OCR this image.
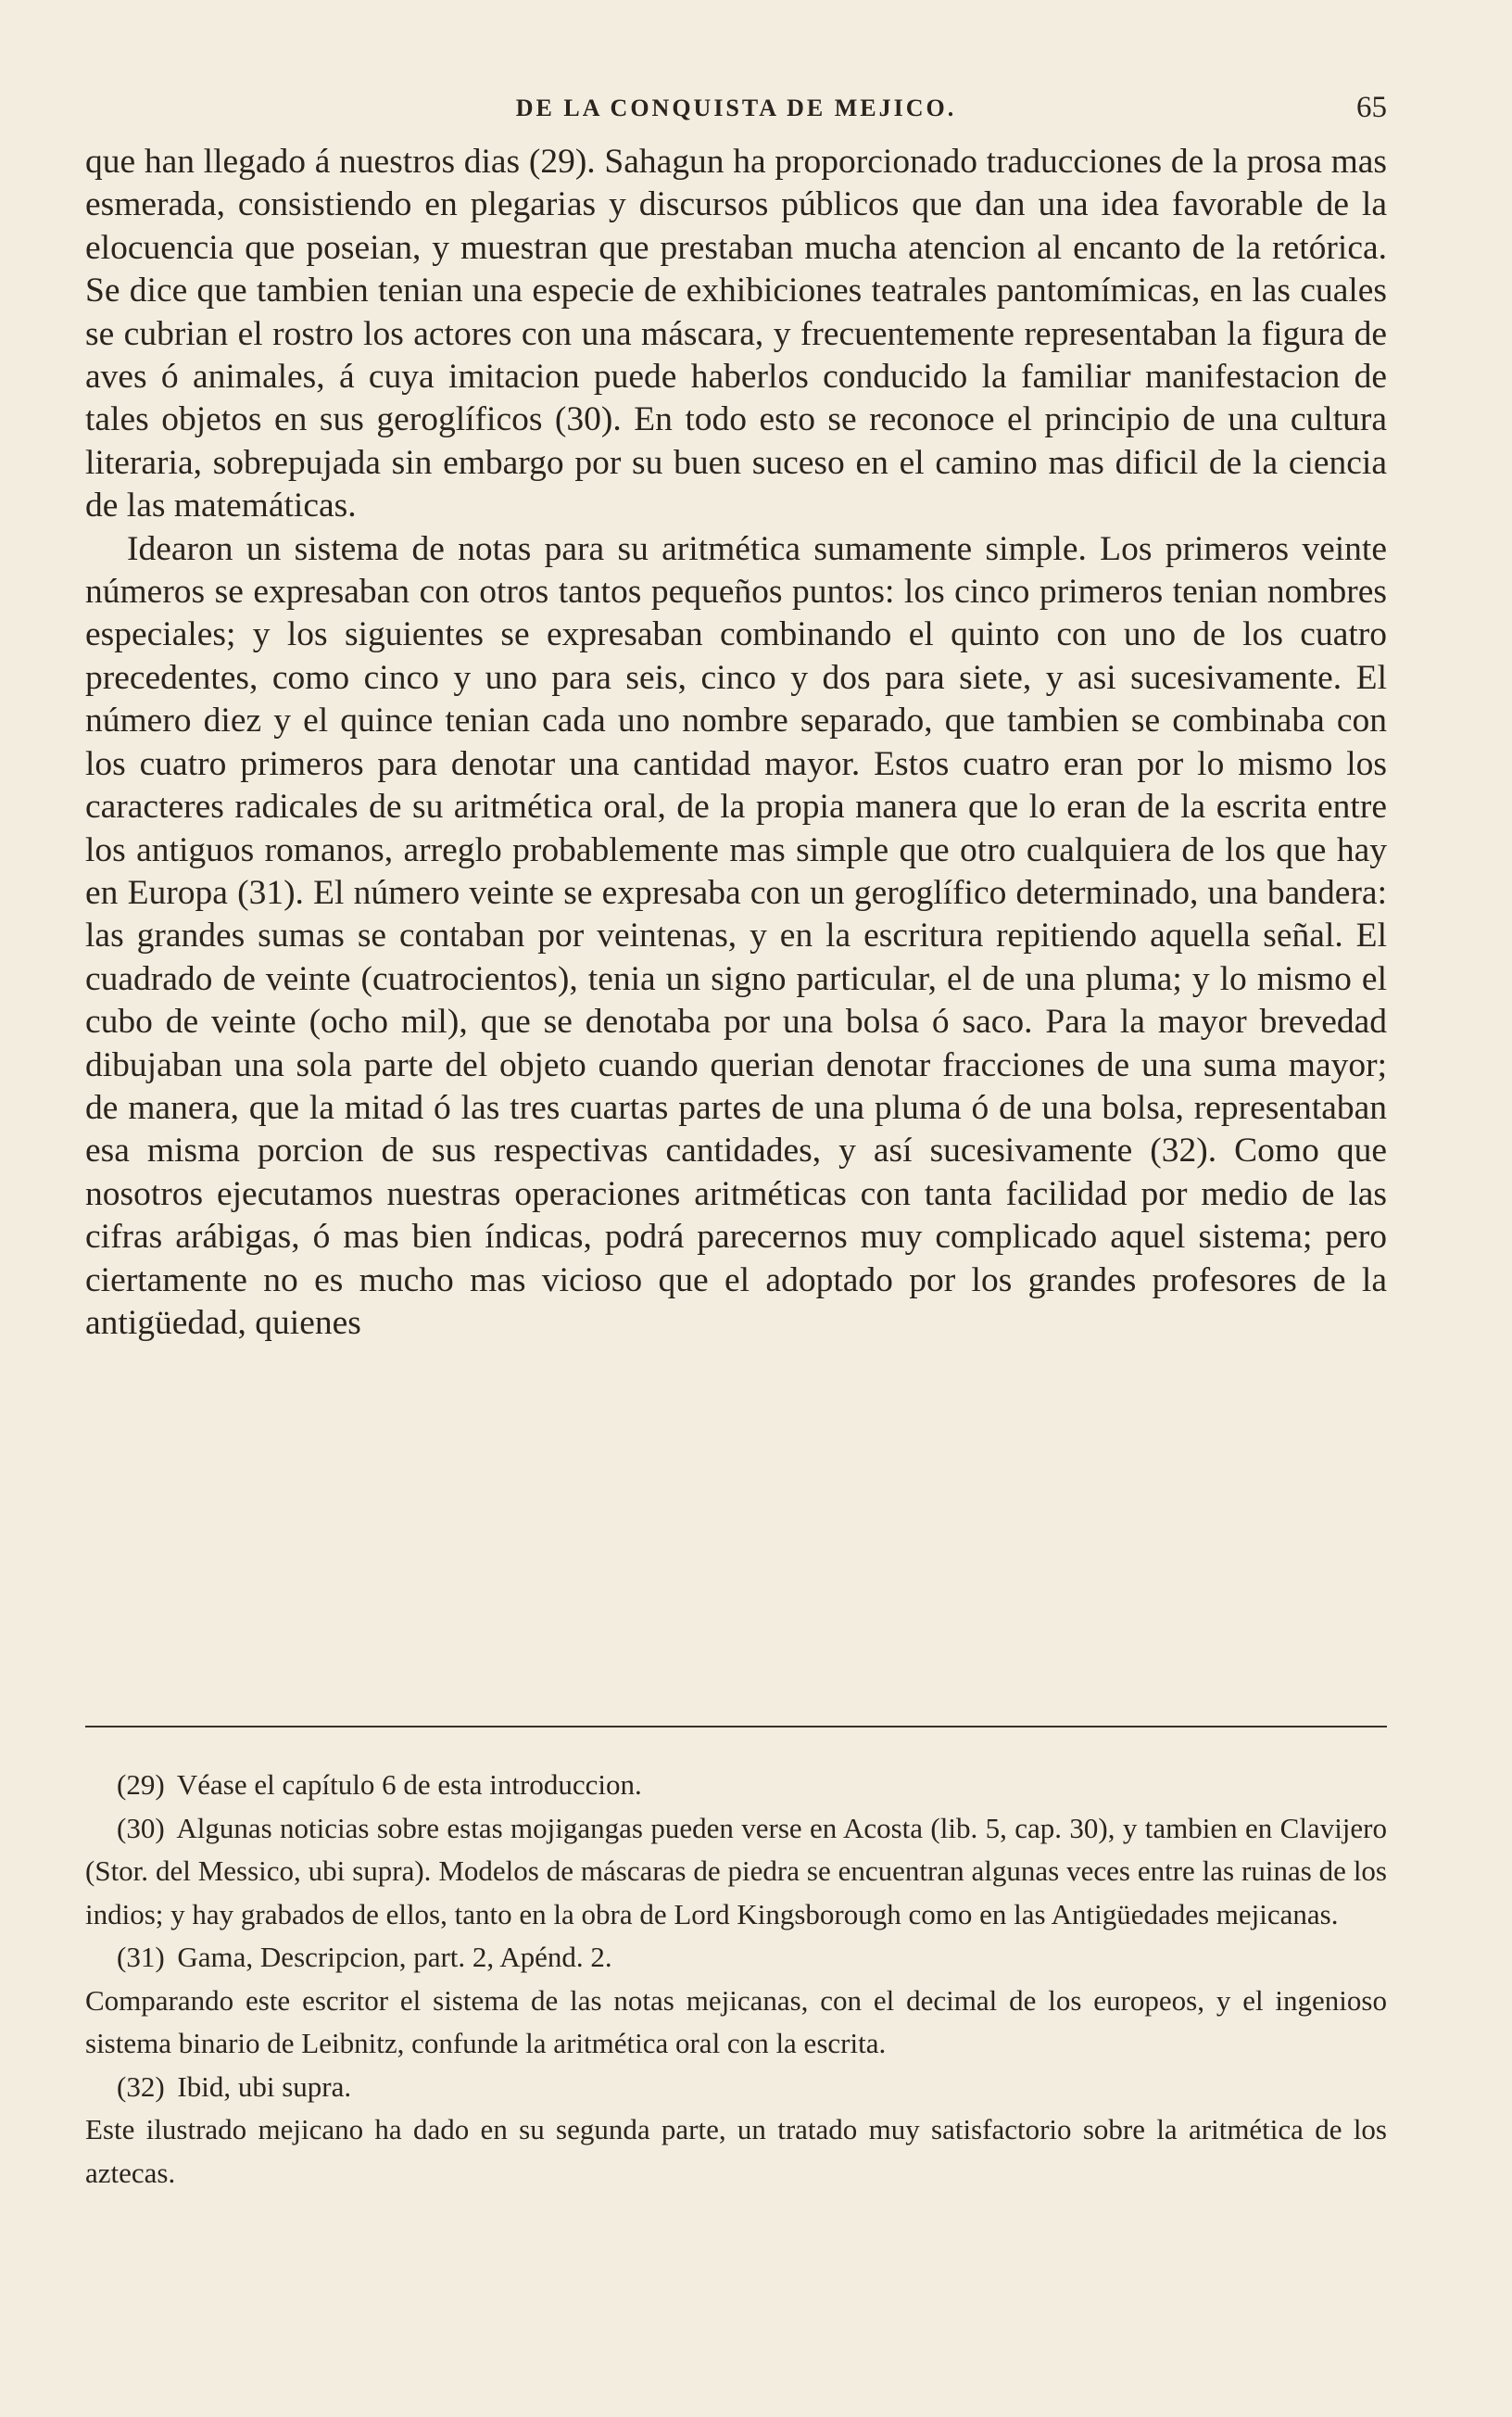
DE LA CONQUISTA DE MEJICO.	65

que han llegado á nuestros dias (29). Sahagun ha proporcionado traducciones de la prosa mas esmerada, consistiendo en plegarias y discursos públicos que dan una idea favorable de la elocuencia que poseian, y muestran que prestaban mucha atencion al encanto de la retórica. Se dice que tambien tenian una especie de exhibiciones teatrales pantomímicas, en las cuales se cubrian el rostro los actores con una máscara, y frecuentemente representaban la figura de aves ó animales, á cuya imitacion puede haberlos conducido la familiar manifestacion de tales objetos en sus geroglíficos (30). En todo esto se reconoce el principio de una cultura literaria, sobrepujada sin embargo por su buen suceso en el camino mas dificil de la ciencia de las matemáticas.

Idearon un sistema de notas para su aritmética sumamente simple. Los primeros veinte números se expresaban con otros tantos pequeños puntos: los cinco primeros tenian nombres especiales; y los siguientes se expresaban combinando el quinto con uno de los cuatro precedentes, como cinco y uno para seis, cinco y dos para siete, y asi sucesivamente. El número diez y el quince tenian cada uno nombre separado, que tambien se combinaba con los cuatro primeros para denotar una cantidad mayor. Estos cuatro eran por lo mismo los caracteres radicales de su aritmética oral, de la propia manera que lo eran de la escrita entre los antiguos romanos, arreglo probablemente mas simple que otro cualquiera de los que hay en Europa (31). El número veinte se expresaba con un geroglífico determinado, una bandera: las grandes sumas se contaban por veintenas, y en la escritura repitiendo aquella señal. El cuadrado de veinte (cuatrocientos), tenia un signo particular, el de una pluma; y lo mismo el cubo de veinte (ocho mil), que se denotaba por una bolsa ó saco. Para la mayor brevedad dibujaban una sola parte del objeto cuando querian denotar fracciones de una suma mayor; de manera, que la mitad ó las tres cuartas partes de una pluma ó de una bolsa, representaban esa misma porcion de sus respectivas cantidades, y así sucesivamente (32). Como que nosotros ejecutamos nuestras operaciones aritméticas con tanta facilidad por medio de las cifras arábigas, ó mas bien índicas, podrá parecernos muy complicado aquel sistema; pero ciertamente no es mucho mas vicioso que el adoptado por los grandes profesores de la antigüedad, quienes

(29) Véase el capítulo 6 de esta introduccion.

(30) Algunas noticias sobre estas mojigangas pueden verse en Acosta (lib. 5, cap. 30), y tambien en Clavijero (Stor. del Messico, ubi supra). Modelos de máscaras de piedra se encuentran algunas veces entre las ruinas de los indios; y hay grabados de ellos, tanto en la obra de Lord Kingsborough como en las Antigüedades mejicanas.

(31) Gama, Descripcion, part. 2, Apénd. 2.

Comparando este escritor el sistema de las notas mejicanas, con el decimal de los europeos, y el ingenioso sistema binario de Leibnitz, confunde la aritmética oral con la escrita.

(32) Ibid, ubi supra.

Este ilustrado mejicano ha dado en su segunda parte, un tratado muy satisfactorio sobre la aritmética de los aztecas.
